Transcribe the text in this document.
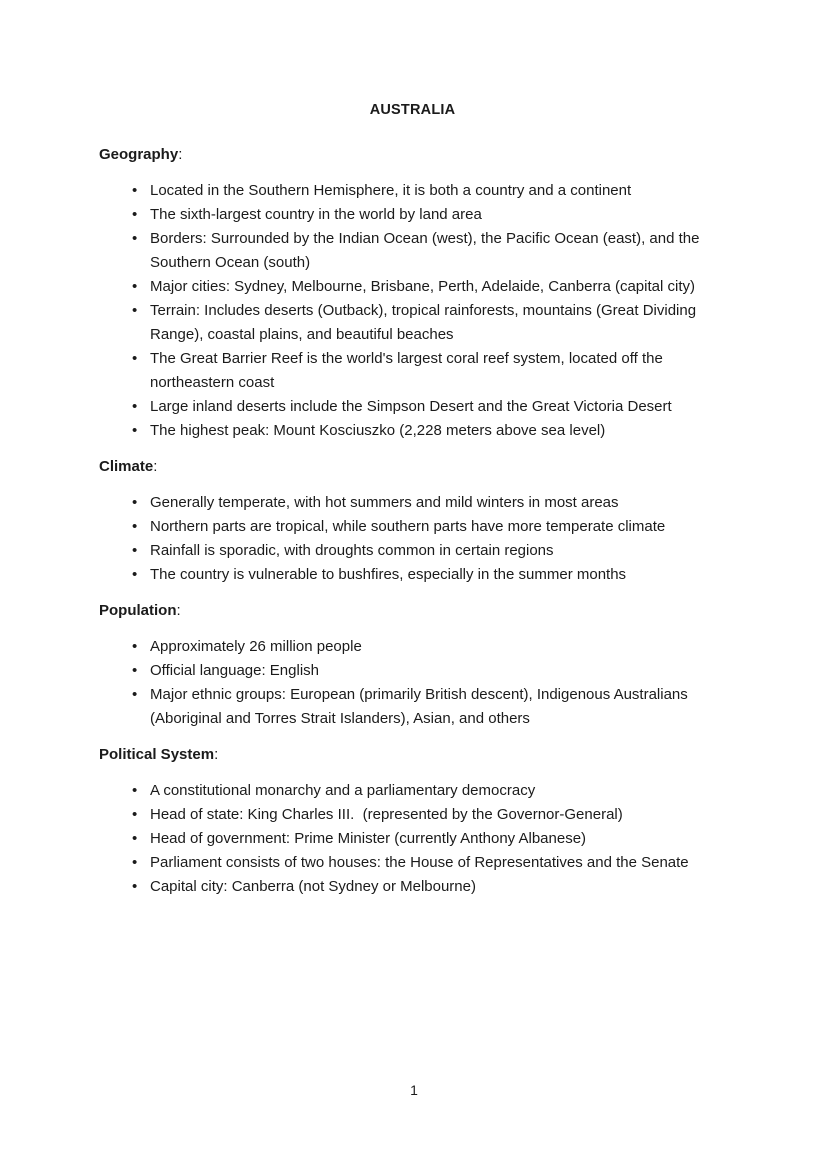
AUSTRALIA
Geography:
• Located in the Southern Hemisphere, it is both a country and a continent
• The sixth-largest country in the world by land area
• Borders: Surrounded by the Indian Ocean (west), the Pacific Ocean (east), and the Southern Ocean (south)
• Major cities: Sydney, Melbourne, Brisbane, Perth, Adelaide, Canberra (capital city)
• Terrain: Includes deserts (Outback), tropical rainforests, mountains (Great Dividing Range), coastal plains, and beautiful beaches
• The Great Barrier Reef is the world's largest coral reef system, located off the northeastern coast
• Large inland deserts include the Simpson Desert and the Great Victoria Desert
• The highest peak: Mount Kosciuszko (2,228 meters above sea level)
Climate:
• Generally temperate, with hot summers and mild winters in most areas
• Northern parts are tropical, while southern parts have more temperate climate
• Rainfall is sporadic, with droughts common in certain regions
• The country is vulnerable to bushfires, especially in the summer months
Population:
• Approximately 26 million people
• Official language: English
• Major ethnic groups: European (primarily British descent), Indigenous Australians (Aboriginal and Torres Strait Islanders), Asian, and others
Political System:
• A constitutional monarchy and a parliamentary democracy
• Head of state: King Charles III.  (represented by the Governor-General)
• Head of government: Prime Minister (currently Anthony Albanese)
• Parliament consists of two houses: the House of Representatives and the Senate
• Capital city: Canberra (not Sydney or Melbourne)
1
